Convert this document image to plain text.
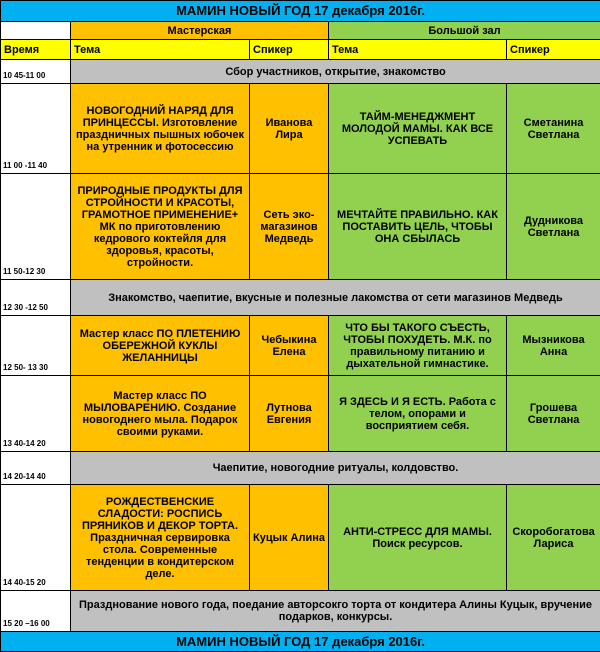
МАМИН НОВЫЙ ГОД 17 декабря 2016г.				
	Мастерская		Большой зал	
Время	Тема	Спикер	Тема	Спикер
10 45-11 00	Сбор участников, открытие, знакомство			
11 00 -11 40	НОВОГОДНИЙ НАРЯД ДЛЯ ПРИНЦЕССЫ. Изготовление праздничных пышных юбочек на утренник и фотосессию	Иванова Лира	ТАЙМ-МЕНЕДЖМЕНТ МОЛОДОЙ МАМЫ. КАК ВСЕ УСПЕВАТЬ	Сметанина Светлана
11 50-12 30	ПРИРОДНЫЕ ПРОДУКТЫ ДЛЯ СТРОЙНОСТИ И КРАСОТЫ, ГРАМОТНОЕ ПРИМЕНЕНИЕ+ МК по приготовлению кедрового коктейля для здоровья, красоты, стройности.	Сеть эко-магазинов Медведь	МЕЧТАЙТЕ ПРАВИЛЬНО. КАК ПОСТАВИТЬ ЦЕЛЬ, ЧТОБЫ ОНА СБЫЛАСЬ	Дудникова Светлана
12 30 -12 50	Знакомство, чаепитие, вкусные и полезные лакомства от сети магазинов Медведь			
12 50- 13 30	Мастер класс ПО ПЛЕТЕНИЮ ОБЕРЕЖНОЙ КУКЛЫ ЖЕЛАННИЦЫ	Чебыкина Елена	ЧТО БЫ ТАКОГО СЪЕСТЬ, ЧТОБЫ ПОХУДЕТЬ. М.К. по правильному питанию и дыхательной гимнастике.	Мызникова Анна
13 40-14 20	Мастер класс ПО МЫЛОВАРЕНИЮ. Создание новогоднего мыла. Подарок своими руками.	Лутнова Евгения	Я ЗДЕСЬ И Я ЕСТЬ. Работа с телом, опорами и восприятием себя.	Грошева Светлана
14 20-14 40	Чаепитие, новогодние ритуалы, колдовство.			
14 40-15 20	РОЖДЕСТВЕНСКИЕ СЛАДОСТИ: РОСПИСЬ ПРЯНИКОВ И ДЕКОР ТОРТА. Праздничная сервировка стола. Современные тенденции в кондитерском деле.	Куцык Алина	АНТИ-СТРЕСС ДЛЯ МАМЫ. Поиск ресурсов.	Скоробогатова Лариса
15 20 –16 00	Празднование нового года, поедание авторсокго торта от кондитера Алины Куцык, вручение подарков, конкурсы.			
МАМИН НОВЫЙ ГОД 17 декабря 2016г.				
